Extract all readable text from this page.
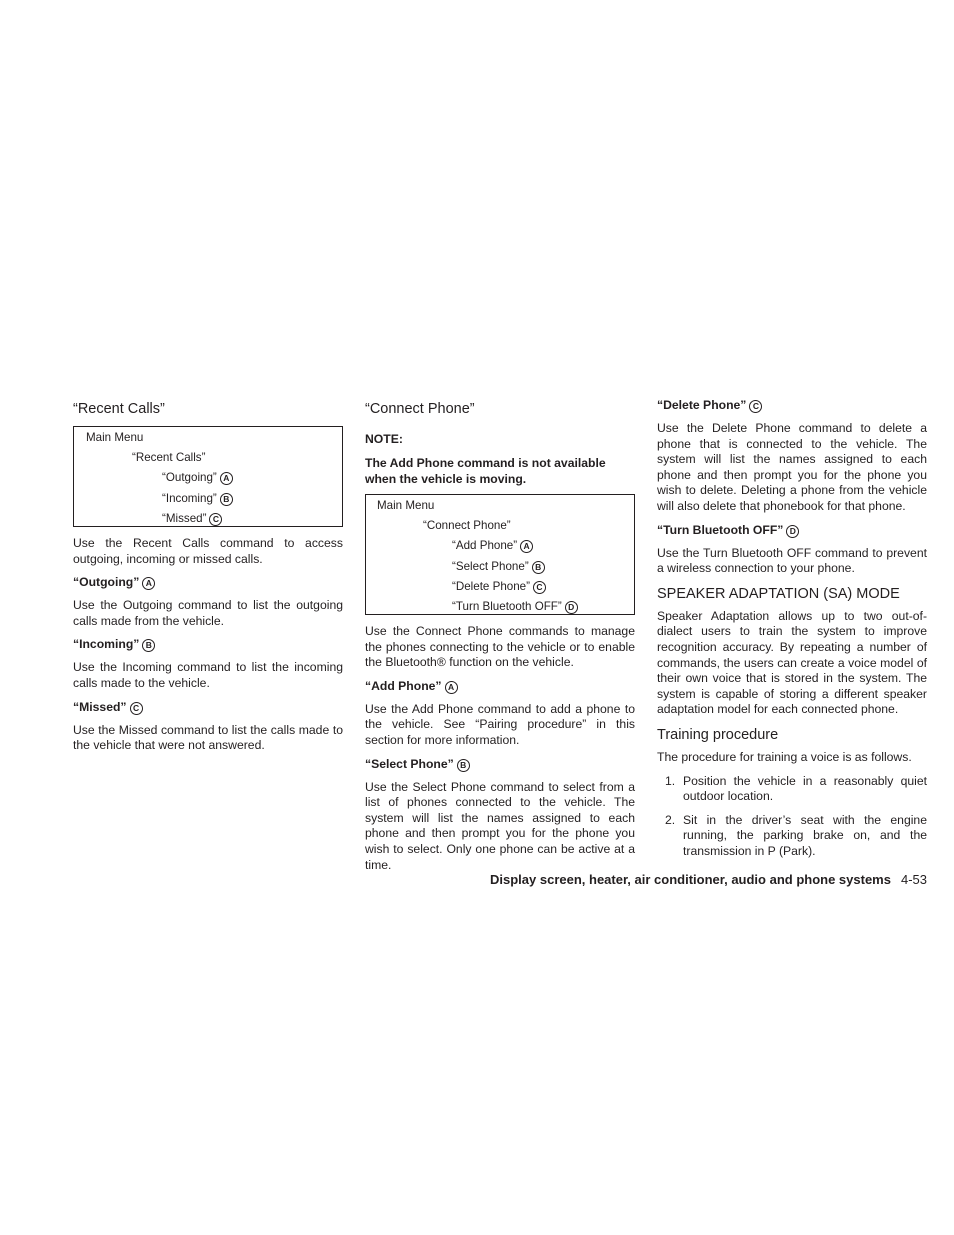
“Recent Calls”
Main Menu
“Recent Calls”
“Outgoing” A
“Incoming” B
“Missed” C

Use the Recent Calls command to access outgoing, incoming or missed calls.

“Outgoing” A

Use the Outgoing command to list the outgoing calls made from the vehicle.

“Incoming” B

Use the Incoming command to list the incoming calls made to the vehicle.

“Missed” C

Use the Missed command to list the calls made to the vehicle that were not answered.

“Connect Phone”
NOTE:
The Add Phone command is not available when the vehicle is moving.
Main Menu
“Connect Phone”
“Add Phone” A
“Select Phone” B
“Delete Phone” C
“Turn Bluetooth OFF” D

Use the Connect Phone commands to manage the phones connecting to the vehicle or to enable the Bluetooth® function on the vehicle.

“Add Phone” A

Use the Add Phone command to add a phone to the vehicle. See “Pairing procedure” in this section for more information.

“Select Phone” B

Use the Select Phone command to select from a list of phones connected to the vehicle. The system will list the names assigned to each phone and then prompt you for the phone you wish to select. Only one phone can be active at a time.

“Delete Phone” C

Use the Delete Phone command to delete a phone that is connected to the vehicle. The system will list the names assigned to each phone and then prompt you for the phone you wish to delete. Deleting a phone from the vehicle will also delete that phonebook for that phone.

“Turn Bluetooth OFF” D

Use the Turn Bluetooth OFF command to prevent a wireless connection to your phone.

SPEAKER ADAPTATION (SA) MODE

Speaker Adaptation allows up to two out-of-dialect users to train the system to improve recognition accuracy. By repeating a number of commands, the users can create a voice model of their own voice that is stored in the system. The system is capable of storing a different speaker adaptation model for each connected phone.

Training procedure

The procedure for training a voice is as follows.

1. Position the vehicle in a reasonably quiet outdoor location.
2. Sit in the driver’s seat with the engine running, the parking brake on, and the transmission in P (Park).
Display screen, heater, air conditioner, audio and phone systems 4-53
